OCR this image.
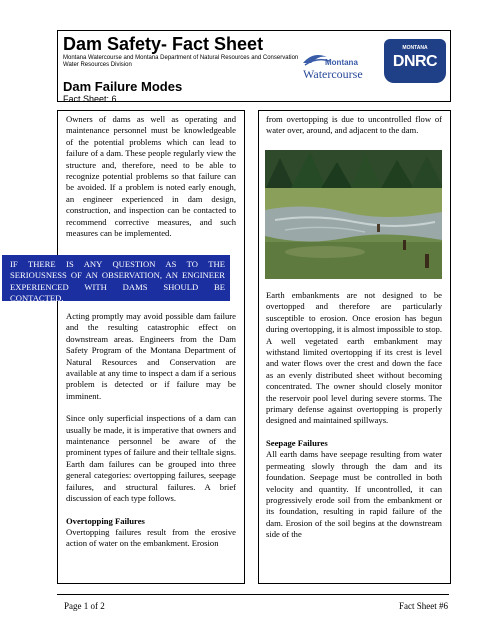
Dam Safety- Fact Sheet
Montana Watercourse and Montana Department of Natural Resources and Conservation
Water Resources Division
Dam Failure Modes
Fact Sheet: 6
Montana
Watercourse
MONTANA
DNRC

Owners of dams as well as operating and maintenance personnel must be knowledgeable of the potential problems which can lead to failure of a dam. These people regularly view the structure and, therefore, need to be able to recognize potential problems so that failure can be avoided. If a problem is noted early enough, an engineer experienced in dam design, construction, and inspection can be contacted to recommend corrective measures, and such measures can be implemented.

IF THERE IS ANY QUESTION AS TO THE SERIOUSNESS OF AN OBSERVATION, AN ENGINEER EXPERIENCED WITH DAMS SHOULD BE CONTACTED.

Acting promptly may avoid possible dam failure and the resulting catastrophic effect on downstream areas. Engineers from the Dam Safety Program of the Montana Department of Natural Resources and Conservation are available at any time to inspect a dam if a serious problem is detected or if failure may be imminent.

Since only superficial inspections of a dam can usually be made, it is imperative that owners and maintenance personnel be aware of the prominent types of failure and their telltale signs. Earth dam failures can be grouped into three general categories: overtopping failures, seepage failures, and structural failures. A brief discussion of each type follows.

Overtopping Failures

Overtopping failures result from the erosive action of water on the embankment. Erosion

from overtopping is due to uncontrolled flow of water over, around, and adjacent to the dam.

Earth embankments are not designed to be overtopped and therefore are particularly susceptible to erosion. Once erosion has begun during overtopping, it is almost impossible to stop. A well vegetated earth embankment may withstand limited overtopping if its crest is level and water flows over the crest and down the face as an evenly distributed sheet without becoming concentrated. The owner should closely monitor the reservoir pool level during severe storms. The primary defense against overtopping is properly designed and maintained spillways.

Seepage Failures

All earth dams have seepage resulting from water permeating slowly through the dam and its foundation. Seepage must be controlled in both velocity and quantity. If uncontrolled, it can progressively erode soil from the embankment or its foundation, resulting in rapid failure of the dam. Erosion of the soil begins at the downstream side of the

Page 1 of 2	Fact Sheet #6
